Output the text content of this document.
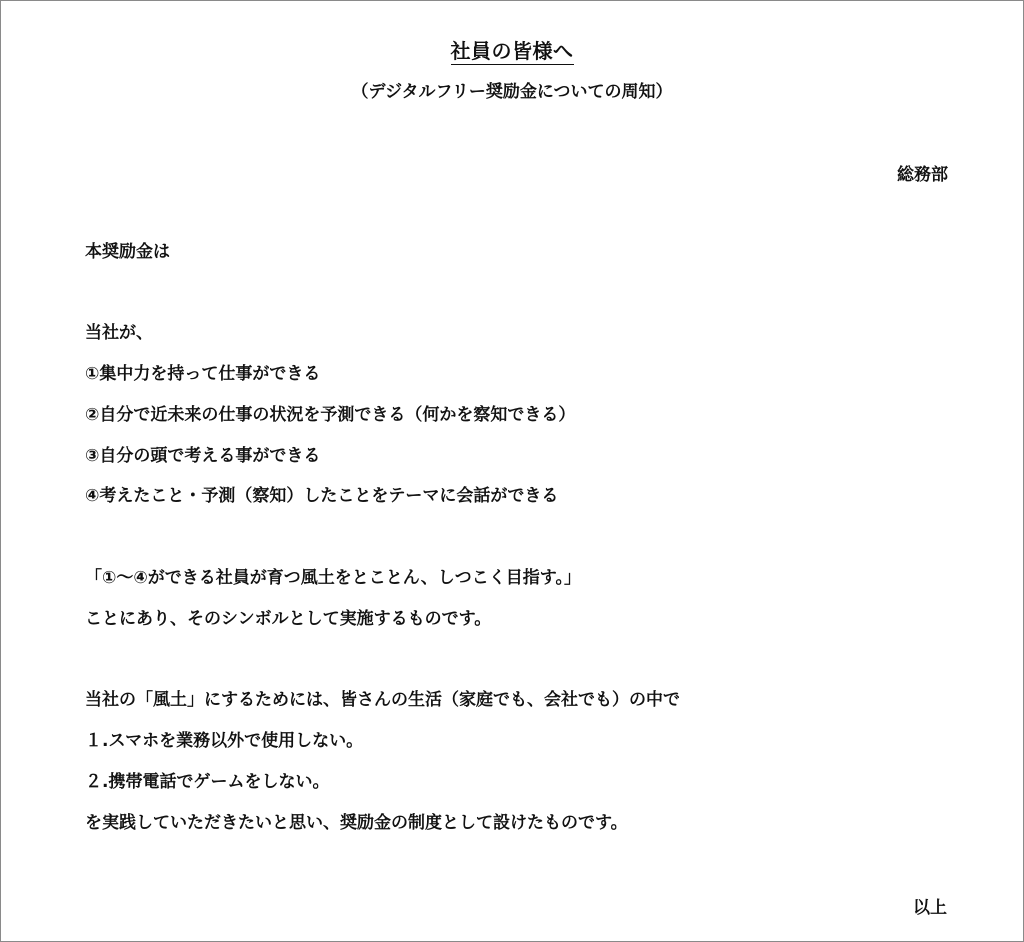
社員の皆様へ
（デジタルフリー奨励金についての周知）
総務部
本奨励金は
当社が、
①集中力を持って仕事ができる
②自分で近未来の仕事の状況を予測できる（何かを察知できる）
③自分の頭で考える事ができる
④考えたこと・予測（察知）したことをテーマに会話ができる
「①～④ができる社員が育つ風土をとことん、しつこく目指す。」
ことにあり、そのシンボルとして実施するものです。
当社の「風土」にするためには、皆さんの生活（家庭でも、会社でも）の中で
１.スマホを業務以外で使用しない。
２.携帯電話でゲームをしない。
を実践していただきたいと思い、奨励金の制度として設けたものです。
以上
